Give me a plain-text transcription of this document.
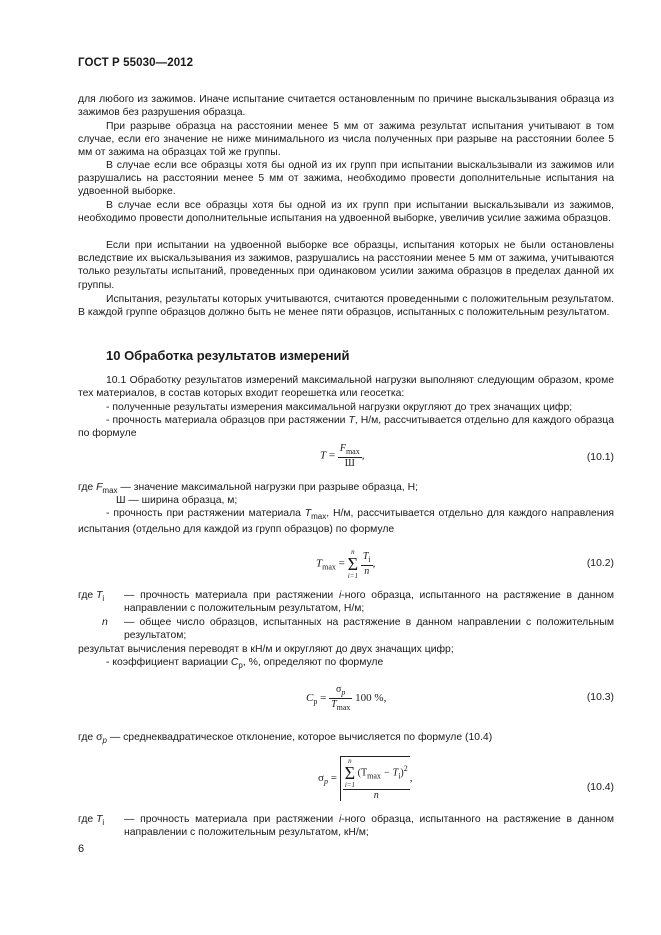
ГОСТ Р 55030—2012
для любого из зажимов. Иначе испытание считается остановленным по причине выскальзывания образца из зажимов без разрушения образца.
При разрыве образца на расстоянии менее 5 мм от зажима результат испытания учитывают в том случае, если его значение не ниже минимального из числа полученных при разрыве на расстоянии более 5 мм от зажима на образцах той же группы.
В случае если все образцы хотя бы одной из их групп при испытании выскальзывали из зажимов или разрушались на расстоянии менее 5 мм от зажима, необходимо провести дополнительные испытания на удвоенной выборке.
В случае если все образцы хотя бы одной из их групп при испытании выскальзывали из зажимов, необходимо провести дополнительные испытания на удвоенной выборке, увеличив усилие зажима образцов.
Если при испытании на удвоенной выборке все образцы, испытания которых не были остановлены вследствие их выскальзывания из зажимов, разрушались на расстоянии менее 5 мм от зажима, учитываются только результаты испытаний, проведенных при одинаковом усилии зажима образцов в пределах данной их группы.
Испытания, результаты которых учитываются, считаются проведенными с положительным результатом. В каждой группе образцов должно быть не менее пяти образцов, испытанных с положительным результатом.
10 Обработка результатов измерений
10.1 Обработку результатов измерений максимальной нагрузки выполняют следующим образом, кроме тех материалов, в состав которых входит георешетка или геосетка:
- полученные результаты измерения максимальной нагрузки округляют до трех значащих цифр;
- прочность материала образцов при растяжении T, Н/м, рассчитывается отдельно для каждого образца по формуле
$T = \frac{F_{max}}{Ш}$ ,	(10.1)
где $F_{max}$ — значение максимальной нагрузки при разрыве образца, Н;
Ш — ширина образца, м;
- прочность при растяжении материала $T_{max}$, Н/м, рассчитывается отдельно для каждого направления испытания (отдельно для каждой из групп образцов) по формуле
$T_{max}$ =
n
Σ
i=1
$\frac{T_i}{n}$ ,	(10.2)
где $T_i$ — прочность материала при растяжении i-ного образца, испытанного на растяжение в данном направлении с положительным результатом, Н/м;
n — общее число образцов, испытанных на растяжение в данном направлении с положительным результатом;
результат вычисления переводят в кН/м и округляют до двух значащих цифр;
- коэффициент вариации $C_p$, %, определяют по формуле
$C_p = \frac{\sigma_p}{T_{max}} 100$ %,	(10.3)
где $\sigma_p$ — среднеквадратическое отклонение, которое вычисляется по формуле (10.4)
$\sigma_p = n$
Σ
i=1
$(T_{max} - T_i)^2$
n ,
(10.4)
где $T_i$ — прочность материала при растяжении i-ного образца, испытанного на растяжение в данном направлении с положительным результатом, кН/м;
6
